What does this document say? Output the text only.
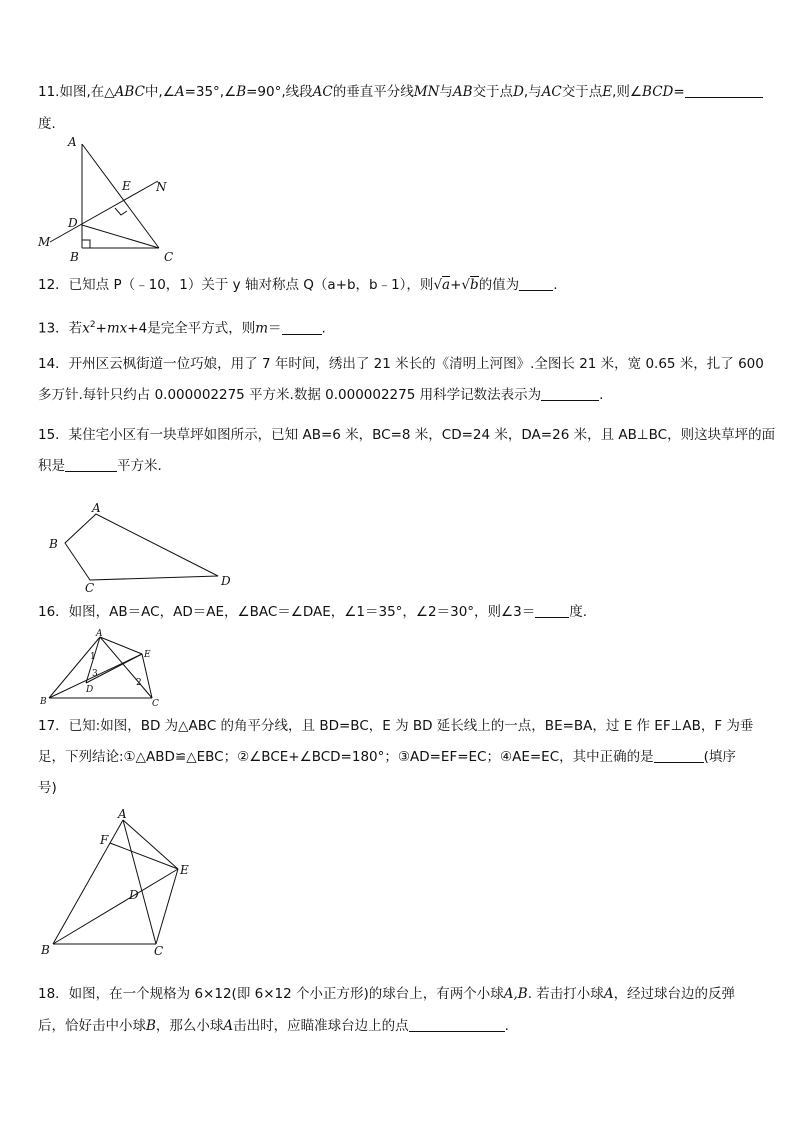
11.如图,在△ABC中,∠A=35°,∠B=90°,线段AC的垂直平分线MN与AB交于点D,与AC交于点E,则∠BCD=
度.
A
E N
D
M
B	C
12．已知点 P（﹣10，1）关于 y 轴对称点 Q（a+b，b﹣1），则√a+√b的值为	.
13．若$x^2+mx+4$是完全平方式，则m＝	.
14．开州区云枫街道一位巧娘，用了 7 年时间，绣出了 21 米长的《清明上河图》.全图长 21 米，宽 0.65 米，扎了 600
多万针.每针只约占 0.000002275 平方米.数据 0.000002275 用科学记数法表示为	.
15．某住宅小区有一块草坪如图所示，已知 AB=6 米，BC=8 米，CD=24 米，DA=26 米，且 AB⊥BC，则这块草坪的面
积是	平方米.
A
B
C	D
16．如图，AB＝AC，AD＝AE，∠BAC＝∠DAE，∠1＝35°，∠2＝30°，则∠3＝	度.
A
E
B	C
D
1
3
2
17．已知:如图，BD 为△ABC 的角平分线，且 BD=BC，E 为 BD 延长线上的一点，BE=BA，过 E 作 EF⊥AB，F 为垂
足，下列结论:①△ABD≌△EBC；②∠BCE+∠BCD=180°；③AD=EF=EC；④AE=EC，其中正确的是	(填序
号)
A
F
E
D
B	C
18．如图，在一个规格为 6×12(即 6×12 个小正方形)的球台上，有两个小球A,B. 若击打小球A，经过球台边的反弹
后，恰好击中小球B，那么小球A击出时，应瞄准球台边上的点	.
